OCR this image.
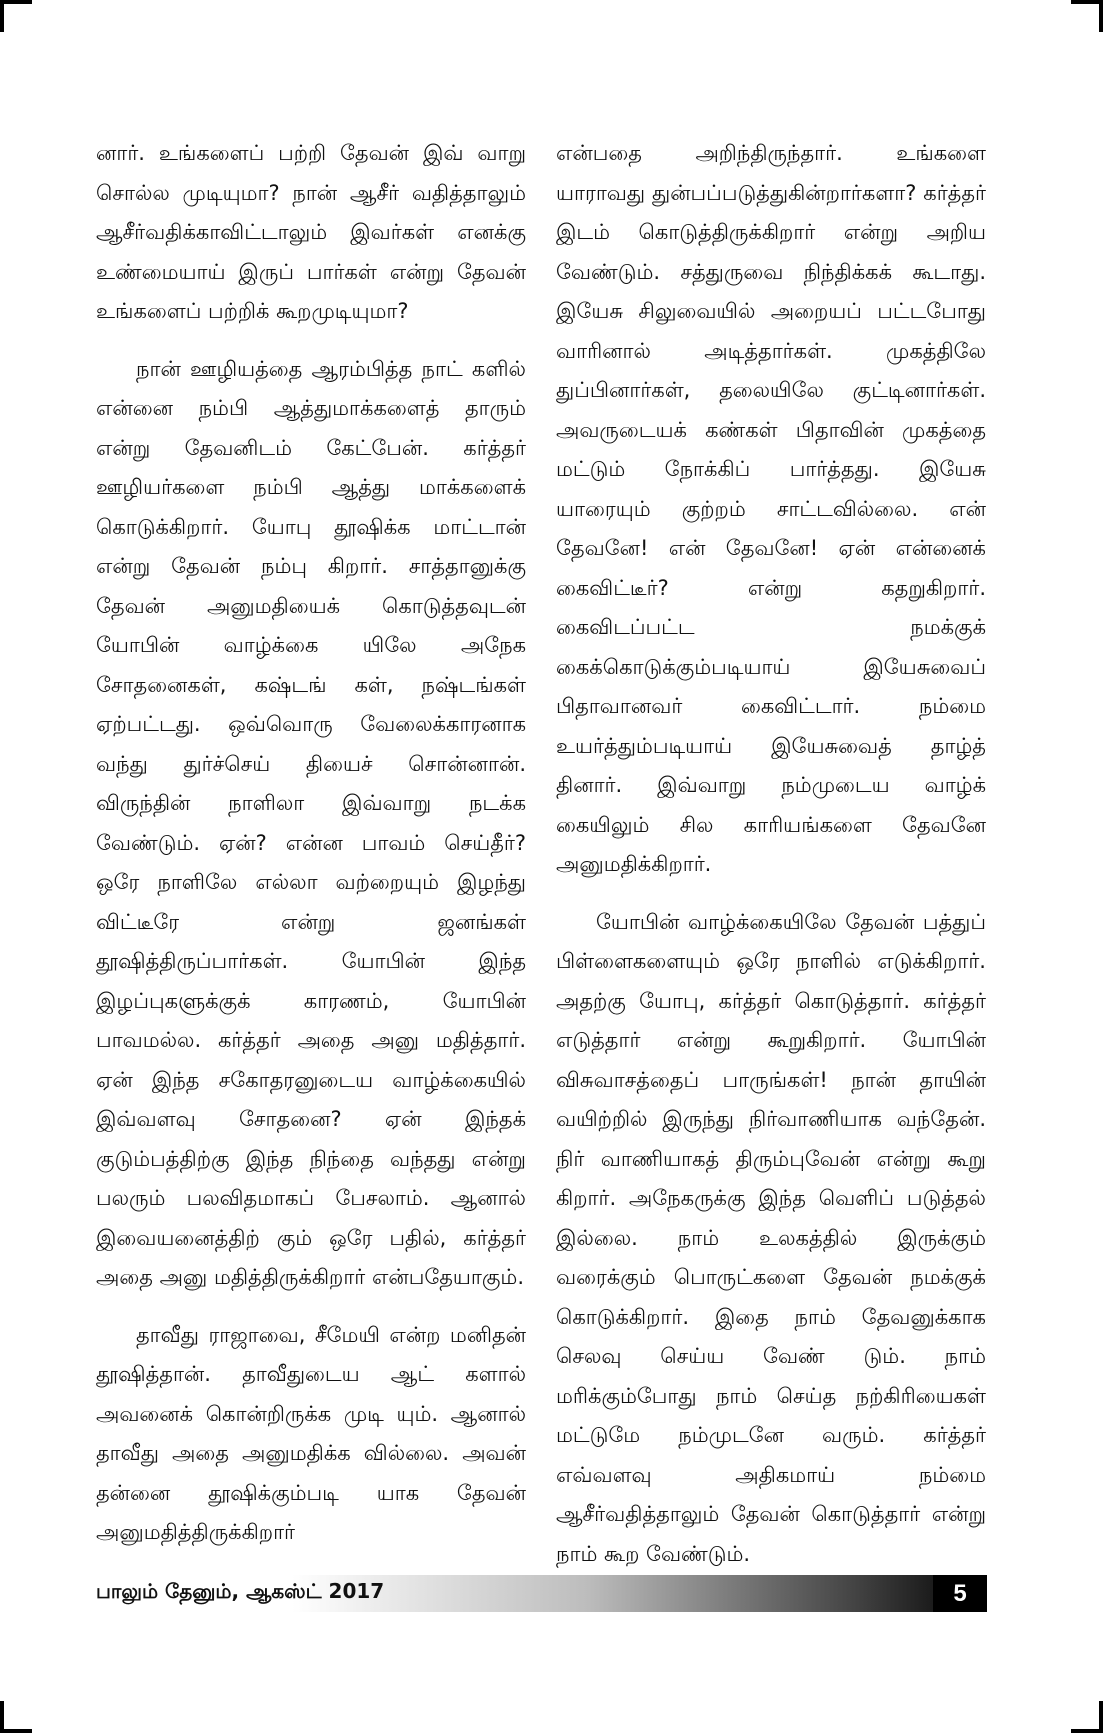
னார். உங்களைப் பற்றி தேவன் இவ் வாறு சொல்ல முடியுமா? நான் ஆசீர் வதித்தாலும் ஆசீர்வதிக்காவிட்டாலும் இவர்கள் எனக்கு உண்மையாய் இருப் பார்கள் என்று தேவன் உங்களைப் பற்றிக் கூறமுடியுமா?

நான் ஊழியத்தை ஆரம்பித்த நாட் களில் என்னை நம்பி ஆத்துமாக்களைத் தாரும் என்று தேவனிடம் கேட்பேன். கர்த்தர் ஊழியர்களை நம்பி ஆத்து மாக்களைக் கொடுக்கிறார். யோபு தூஷிக்க மாட்டான் என்று தேவன் நம்பு கிறார். சாத்தானுக்கு தேவன் அனுமதியைக் கொடுத்தவுடன் யோபின் வாழ்க்கை யிலே அநேக சோதனைகள், கஷ்டங் கள், நஷ்டங்கள் ஏற்பட்டது. ஒவ்வொரு வேலைக்காரனாக வந்து துர்ச்செய் தியைச் சொன்னான். விருந்தின் நாளிலா இவ்வாறு நடக்க வேண்டும். ஏன்? என்ன பாவம் செய்தீர்? ஒரே நாளிலே எல்லா வற்றையும் இழந்து விட்டீரே என்று ஜனங்கள் தூஷித்திருப்பார்கள். யோபின் இந்த இழப்புகளுக்குக் காரணம், யோபின் பாவமல்ல. கர்த்தர் அதை அனு மதித்தார். ஏன் இந்த சகோதரனுடைய வாழ்க்கையில் இவ்வளவு சோதனை? ஏன் இந்தக் குடும்பத்திற்கு இந்த நிந்தை வந்தது என்று பலரும் பலவிதமாகப் பேசலாம். ஆனால் இவையனைத்திற் கும் ஒரே பதில், கர்த்தர் அதை அனு மதித்திருக்கிறார் என்பதேயாகும்.

தாவீது ராஜாவை, சீமேயி என்ற மனிதன் தூஷித்தான். தாவீதுடைய ஆட் களால் அவனைக் கொன்றிருக்க முடி யும். ஆனால் தாவீது அதை அனுமதிக்க வில்லை. அவன் தன்னை தூஷிக்கும்படி யாக தேவன் அனுமதித்திருக்கிறார்

என்பதை அறிந்திருந்தார். உங்களை யாராவது துன்பப்படுத்துகின்றார்களா? கர்த்தர் இடம் கொடுத்திருக்கிறார் என்று அறிய வேண்டும். சத்துருவை நிந்திக்கக் கூடாது. இயேசு சிலுவையில் அறையப் பட்டபோது வாரினால் அடித்தார்கள். முகத்திலே துப்பினார்கள், தலையிலே குட்டினார்கள். அவருடையக் கண்கள் பிதாவின் முகத்தை மட்டும் நோக்கிப் பார்த்தது. இயேசு யாரையும் குற்றம் சாட்டவில்லை. என் தேவனே! என் தேவனே! ஏன் என்னைக் கைவிட்டீர்? என்று கதறுகிறார். கைவிடப்பட்ட நமக்குக் கைக்கொடுக்கும்படியாய் இயேசுவைப் பிதாவானவர் கைவிட்டார். நம்மை உயர்த்தும்படியாய் இயேசுவைத் தாழ்த் தினார். இவ்வாறு நம்முடைய வாழ்க் கையிலும் சில காரியங்களை தேவனே அனுமதிக்கிறார்.

யோபின் வாழ்க்கையிலே தேவன் பத்துப் பிள்ளைகளையும் ஒரே நாளில் எடுக்கிறார். அதற்கு யோபு, கர்த்தர் கொடுத்தார். கர்த்தர் எடுத்தார் என்று கூறுகிறார். யோபின் விசுவாசத்தைப் பாருங்கள்! நான் தாயின் வயிற்றில் இருந்து நிர்வாணியாக வந்தேன். நிர் வாணியாகத் திரும்புவேன் என்று கூறு கிறார். அநேகருக்கு இந்த வெளிப் படுத்தல் இல்லை. நாம் உலகத்தில் இருக்கும் வரைக்கும் பொருட்களை தேவன் நமக்குக் கொடுக்கிறார். இதை நாம் தேவனுக்காக செலவு செய்ய வேண் டும். நாம் மரிக்கும்போது நாம் செய்த நற்கிரியைகள் மட்டுமே நம்முடனே வரும். கர்த்தர் எவ்வளவு அதிகமாய் நம்மை ஆசீர்வதித்தாலும் தேவன் கொடுத்தார் என்று நாம் கூற வேண்டும்.

பாலும் தேனும், ஆகஸ்ட் 2017	5
